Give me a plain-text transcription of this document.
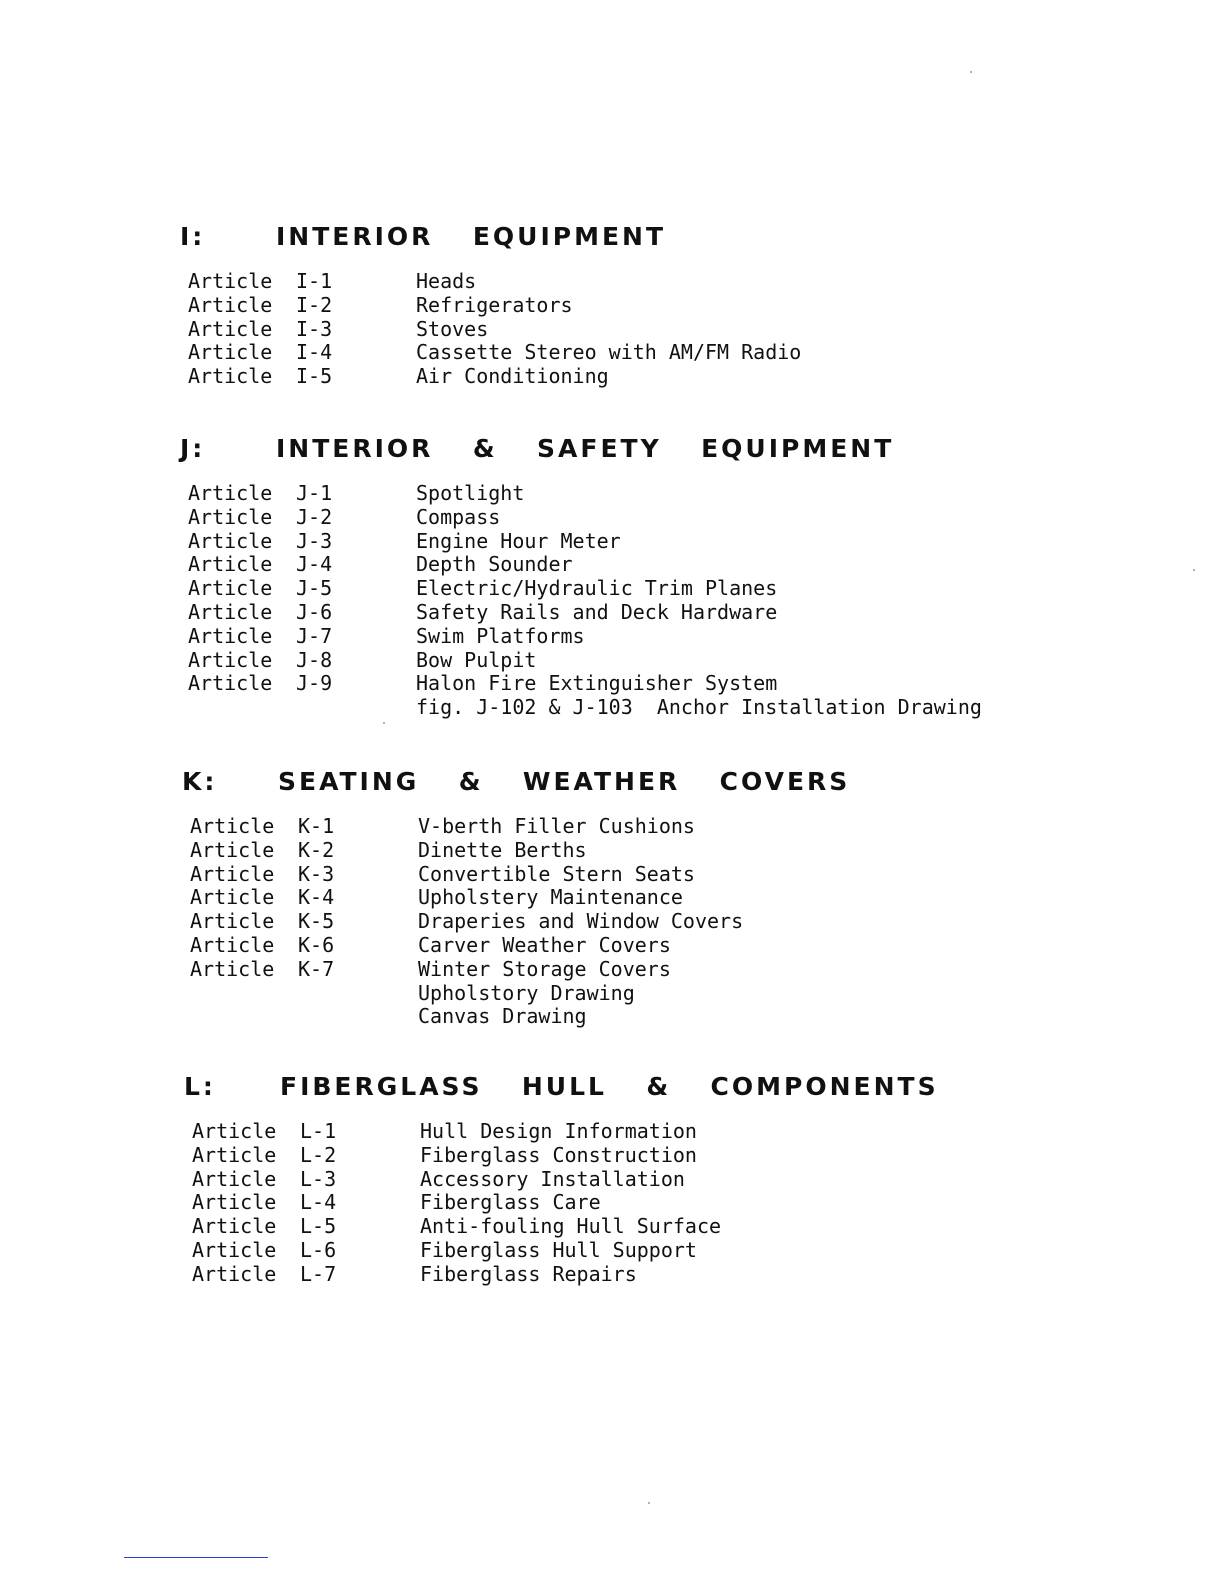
I:	INTERIOR  EQUIPMENT
Article I-1	Heads
Article I-2	Refrigerators
Article I-3	Stoves
Article I-4	Cassette Stereo with AM/FM Radio
Article I-5	Air Conditioning
J:	INTERIOR  &  SAFETY  EQUIPMENT
Article J-1	Spotlight
Article J-2	Compass
Article J-3	Engine Hour Meter
Article J-4	Depth Sounder
Article J-5	Electric/Hydraulic Trim Planes
Article J-6	Safety Rails and Deck Hardware
Article J-7	Swim Platforms
Article J-8	Bow Pulpit
Article J-9	Halon Fire Extinguisher System
fig. J-102 & J-103  Anchor Installation Drawing
K: SEATING  &  WEATHER  COVERS
Article K-1	V-berth Filler Cushions
Article K-2	Dinette Berths
Article K-3	Convertible Stern Seats
Article K-4	Upholstery Maintenance
Article K-5	Draperies and Window Covers
Article K-6	Carver Weather Covers
Article K-7	Winter Storage Covers
Upholstory Drawing
Canvas Drawing
L:	FIBERGLASS  HULL  &  COMPONENTS
Article L-1	Hull Design Information
Article L-2	Fiberglass Construction
Article L-3	Accessory Installation
Article L-4	Fiberglass Care
Article L-5	Anti-fouling Hull Surface
Article L-6	Fiberglass Hull Support
Article L-7	Fiberglass Repairs
